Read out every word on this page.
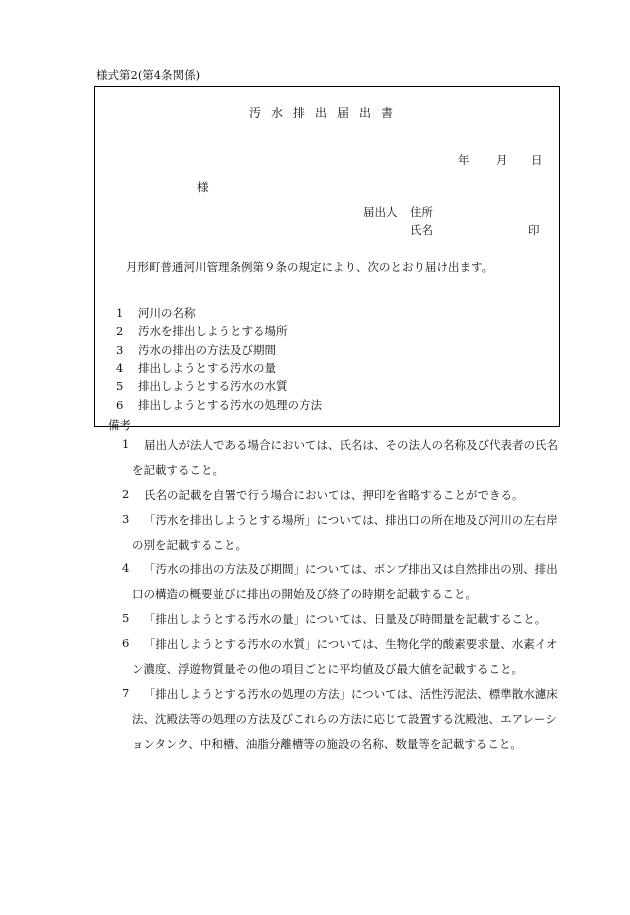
様式第2(第4条関係)
汚水排出届出書
年 月 日
様
届出人 住所
氏名	印
月形町普通河川管理条例第９条の規定により、次のとおり届け出ます。
1 河川の名称
2 汚水を排出しようとする場所
3 汚水の排出の方法及び期間
4 排出しようとする汚水の量
5 排出しようとする汚水の水質
6 排出しようとする汚水の処理の方法
備考
1 届出人が法人である場合においては、氏名は、その法人の名称及び代表者の氏名
を記載すること。
2 氏名の記載を自署で行う場合においては、押印を省略することができる。
3 「汚水を排出しようとする場所」については、排出口の所在地及び河川の左右岸
の別を記載すること。
4 「汚水の排出の方法及び期間」については、ポンプ排出又は自然排出の別、排出
口の構造の概要並びに排出の開始及び終了の時期を記載すること。
5 「排出しようとする汚水の量」については、日量及び時間量を記載すること。
6 「排出しようとする汚水の水質」については、生物化学的酸素要求量、水素イオ
ン濃度、浮遊物質量その他の項目ごとに平均値及び最大値を記載すること。
7 「排出しようとする汚水の処理の方法」については、活性汚泥法、標準散水濾床
法、沈殿法等の処理の方法及びこれらの方法に応じて設置する沈殿池、エアレーシ
ョンタンク、中和槽、油脂分離槽等の施設の名称、数量等を記載すること。
